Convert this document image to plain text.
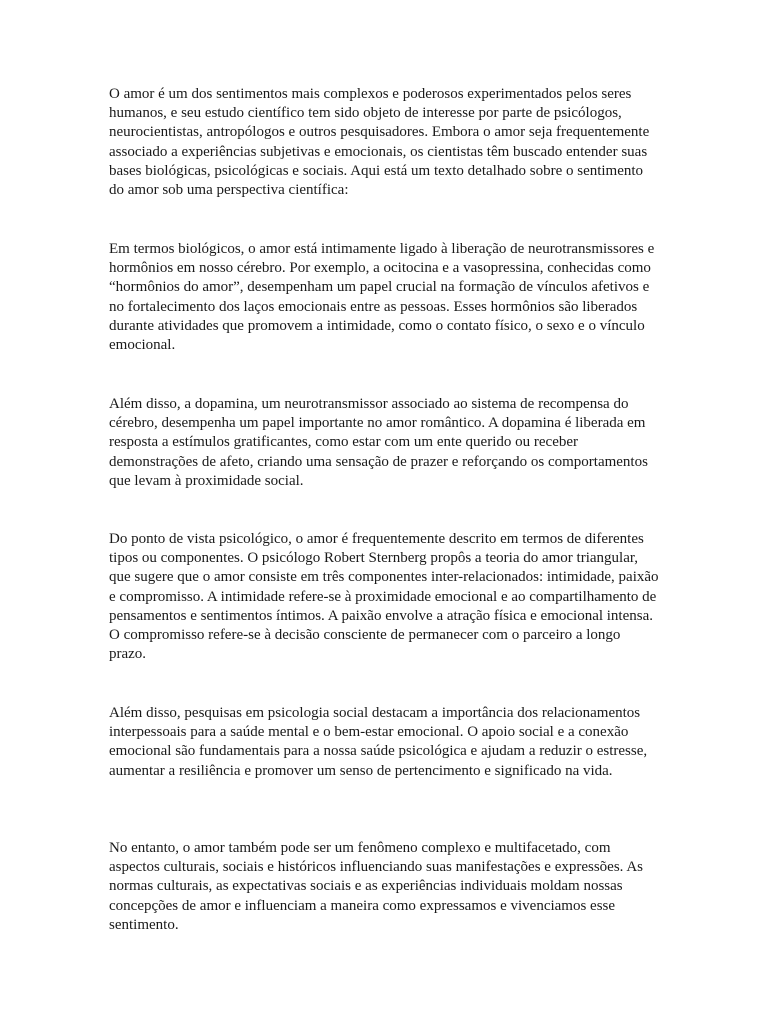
O amor é um dos sentimentos mais complexos e poderosos experimentados pelos seres humanos, e seu estudo científico tem sido objeto de interesse por parte de psicólogos, neurocientistas, antropólogos e outros pesquisadores. Embora o amor seja frequentemente associado a experiências subjetivas e emocionais, os cientistas têm buscado entender suas bases biológicas, psicológicas e sociais. Aqui está um texto detalhado sobre o sentimento do amor sob uma perspectiva científica:

Em termos biológicos, o amor está intimamente ligado à liberação de neurotransmissores e hormônios em nosso cérebro. Por exemplo, a ocitocina e a vasopressina, conhecidas como “hormônios do amor”, desempenham um papel crucial na formação de vínculos afetivos e no fortalecimento dos laços emocionais entre as pessoas. Esses hormônios são liberados durante atividades que promovem a intimidade, como o contato físico, o sexo e o vínculo emocional.

Além disso, a dopamina, um neurotransmissor associado ao sistema de recompensa do cérebro, desempenha um papel importante no amor romântico. A dopamina é liberada em resposta a estímulos gratificantes, como estar com um ente querido ou receber demonstrações de afeto, criando uma sensação de prazer e reforçando os comportamentos que levam à proximidade social.

Do ponto de vista psicológico, o amor é frequentemente descrito em termos de diferentes tipos ou componentes. O psicólogo Robert Sternberg propôs a teoria do amor triangular, que sugere que o amor consiste em três componentes inter-relacionados: intimidade, paixão e compromisso. A intimidade refere-se à proximidade emocional e ao compartilhamento de pensamentos e sentimentos íntimos. A paixão envolve a atração física e emocional intensa. O compromisso refere-se à decisão consciente de permanecer com o parceiro a longo prazo.

Além disso, pesquisas em psicologia social destacam a importância dos relacionamentos interpessoais para a saúde mental e o bem-estar emocional. O apoio social e a conexão emocional são fundamentais para a nossa saúde psicológica e ajudam a reduzir o estresse, aumentar a resiliência e promover um senso de pertencimento e significado na vida.

No entanto, o amor também pode ser um fenômeno complexo e multifacetado, com aspectos culturais, sociais e históricos influenciando suas manifestações e expressões. As normas culturais, as expectativas sociais e as experiências individuais moldam nossas concepções de amor e influenciam a maneira como expressamos e vivenciamos esse sentimento.
